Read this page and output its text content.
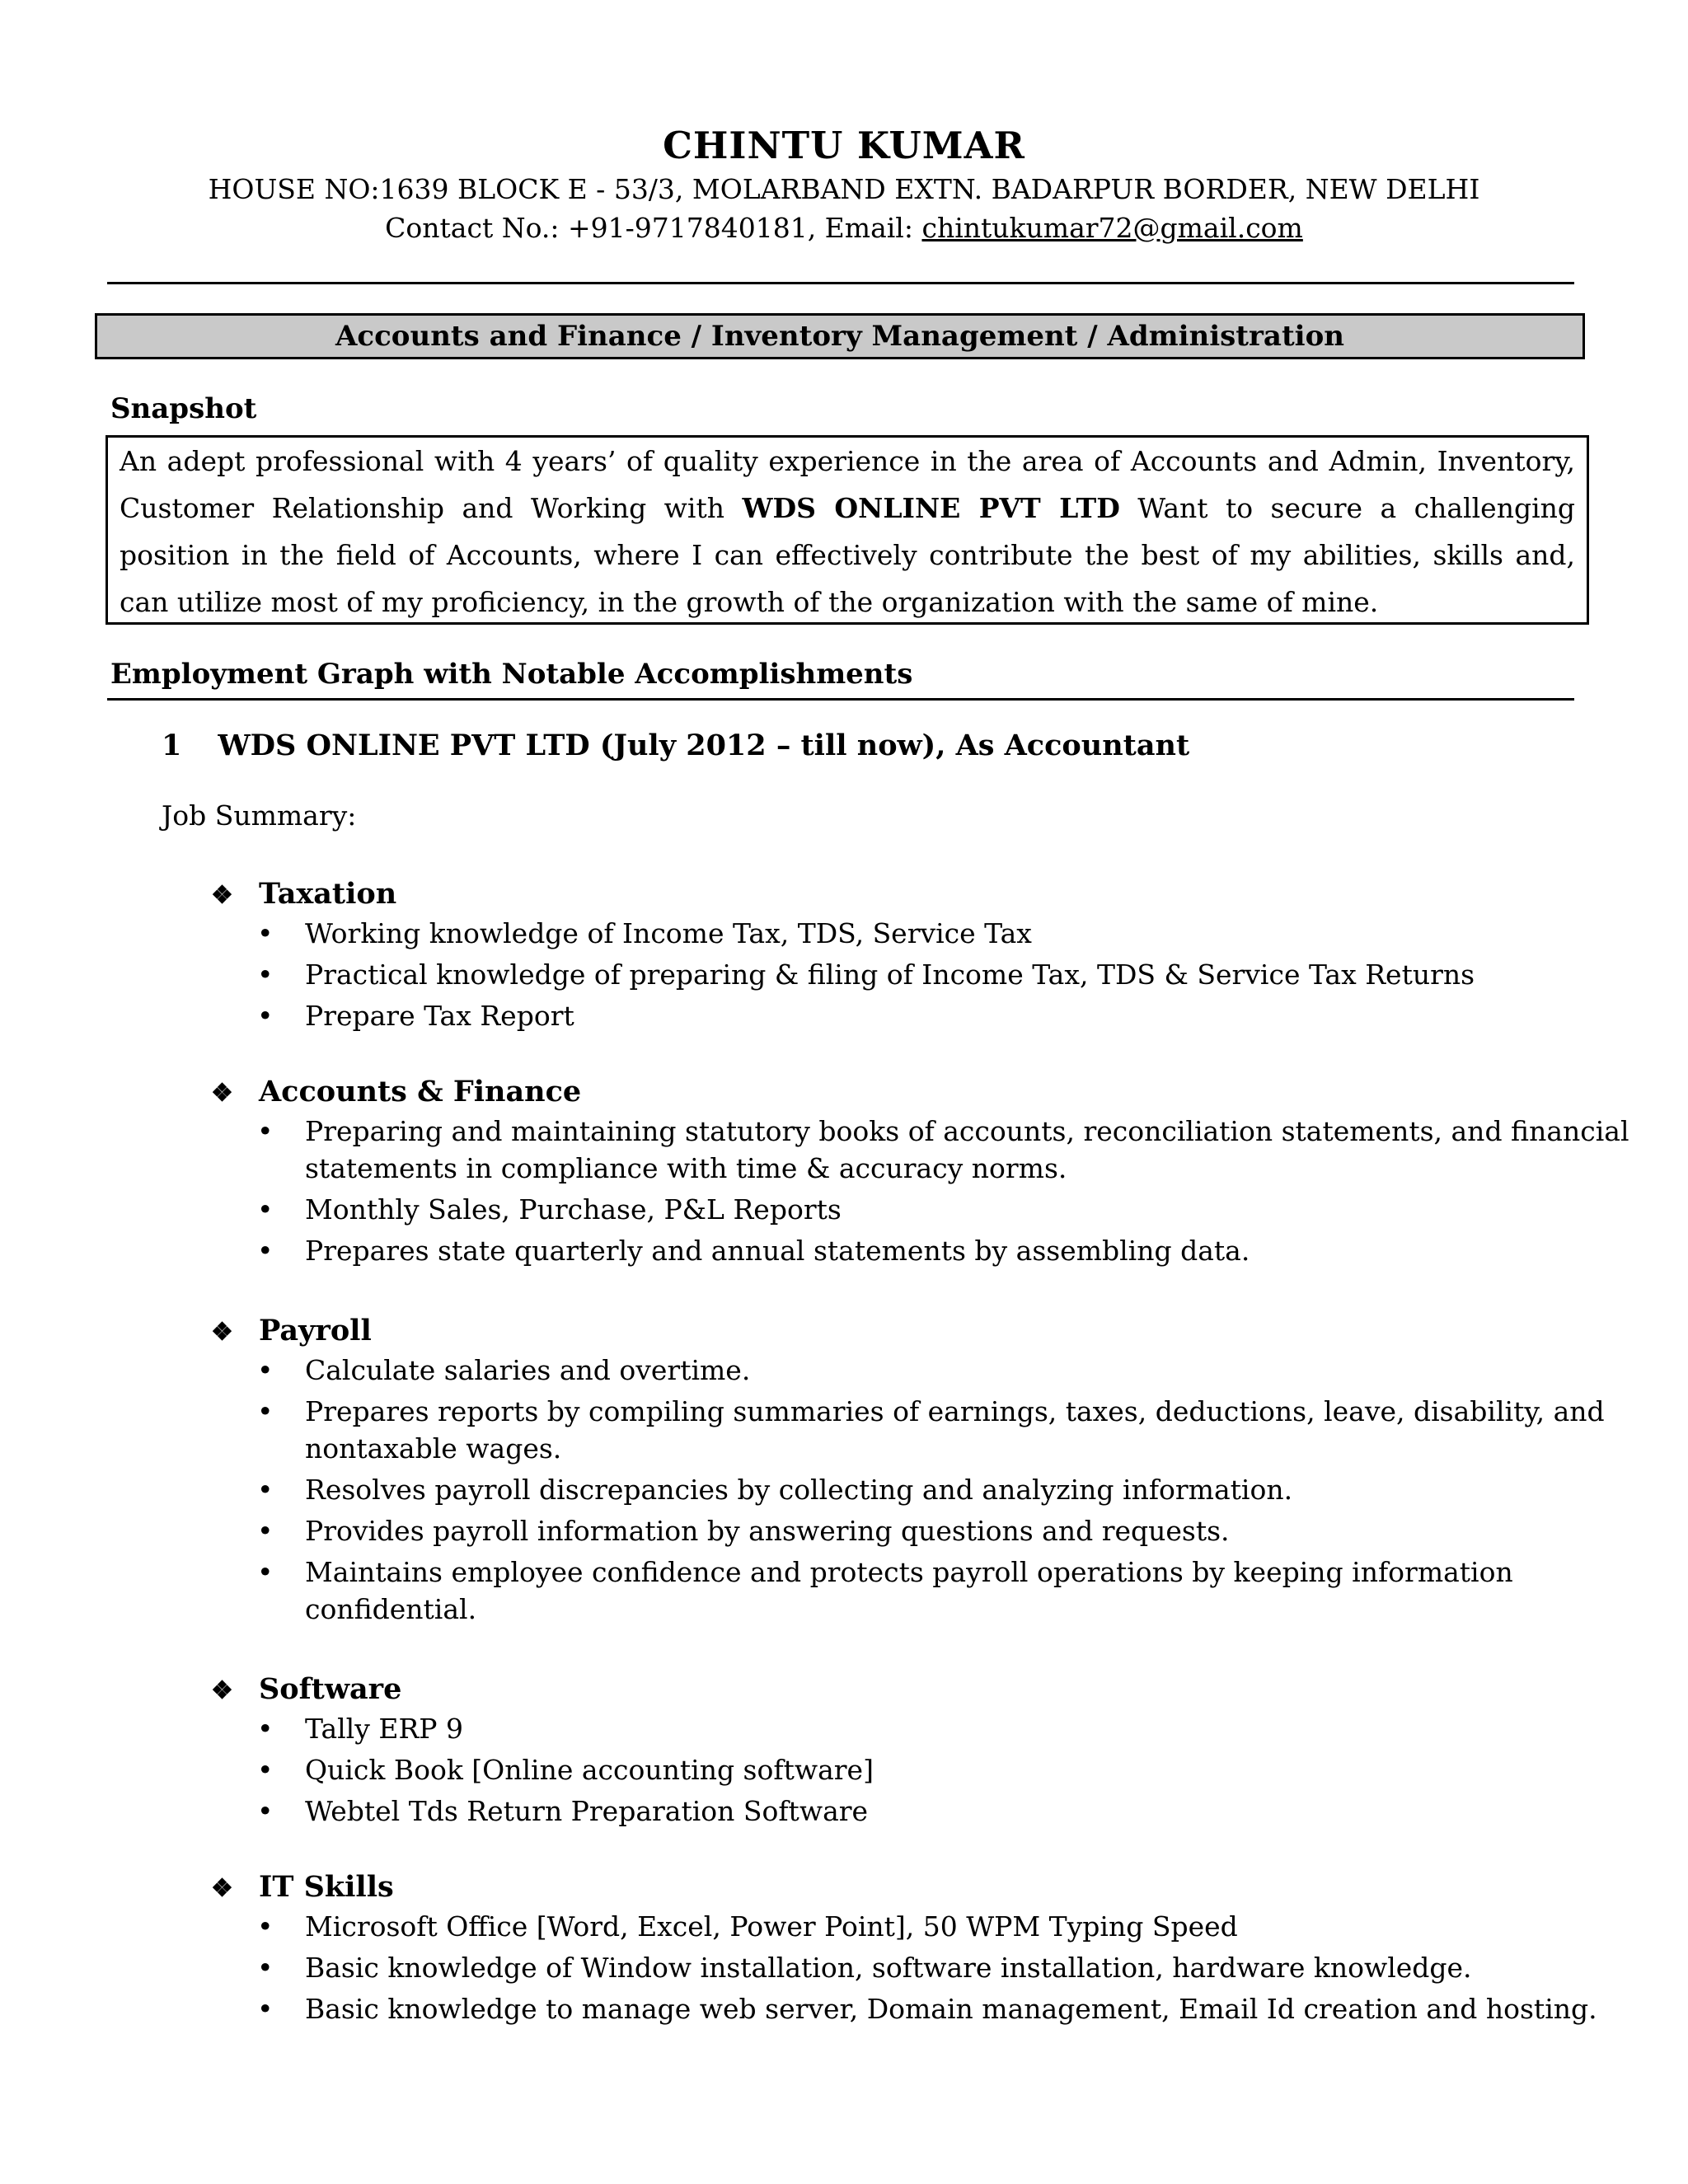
CHINTU KUMAR
HOUSE NO:1639 BLOCK E - 53/3, MOLARBAND EXTN. BADARPUR BORDER, NEW DELHI
Contact No.: +91-9717840181, Email: chintukumar72@gmail.com
Accounts and Finance / Inventory Management / Administration
Snapshot
An adept professional with 4 years’ of quality experience in the area of Accounts and Admin, Inventory, Customer Relationship and Working with WDS ONLINE PVT LTD Want to secure a challenging position in the field of Accounts, where I can effectively contribute the best of my abilities, skills and, can utilize most of my proficiency, in the growth of the organization with the same of mine.
Employment Graph with Notable Accomplishments
1 WDS ONLINE PVT LTD (July 2012 – till now), As Accountant
Job Summary:
❖ Taxation
• Working knowledge of Income Tax, TDS, Service Tax
• Practical knowledge of preparing & filing of Income Tax, TDS & Service Tax Returns
• Prepare Tax Report
❖ Accounts & Finance
• Preparing and maintaining statutory books of accounts, reconciliation statements, and financial statements in compliance with time & accuracy norms.
• Monthly Sales, Purchase, P&L Reports
• Prepares state quarterly and annual statements by assembling data.
❖ Payroll
• Calculate salaries and overtime.
• Prepares reports by compiling summaries of earnings, taxes, deductions, leave, disability, and nontaxable wages.
• Resolves payroll discrepancies by collecting and analyzing information.
• Provides payroll information by answering questions and requests.
• Maintains employee confidence and protects payroll operations by keeping information confidential.
❖ Software
• Tally ERP 9
• Quick Book [Online accounting software]
• Webtel Tds Return Preparation Software
❖ IT Skills
• Microsoft Office [Word, Excel, Power Point], 50 WPM Typing Speed
• Basic knowledge of Window installation, software installation, hardware knowledge.
• Basic knowledge to manage web server, Domain management, Email Id creation and hosting.
